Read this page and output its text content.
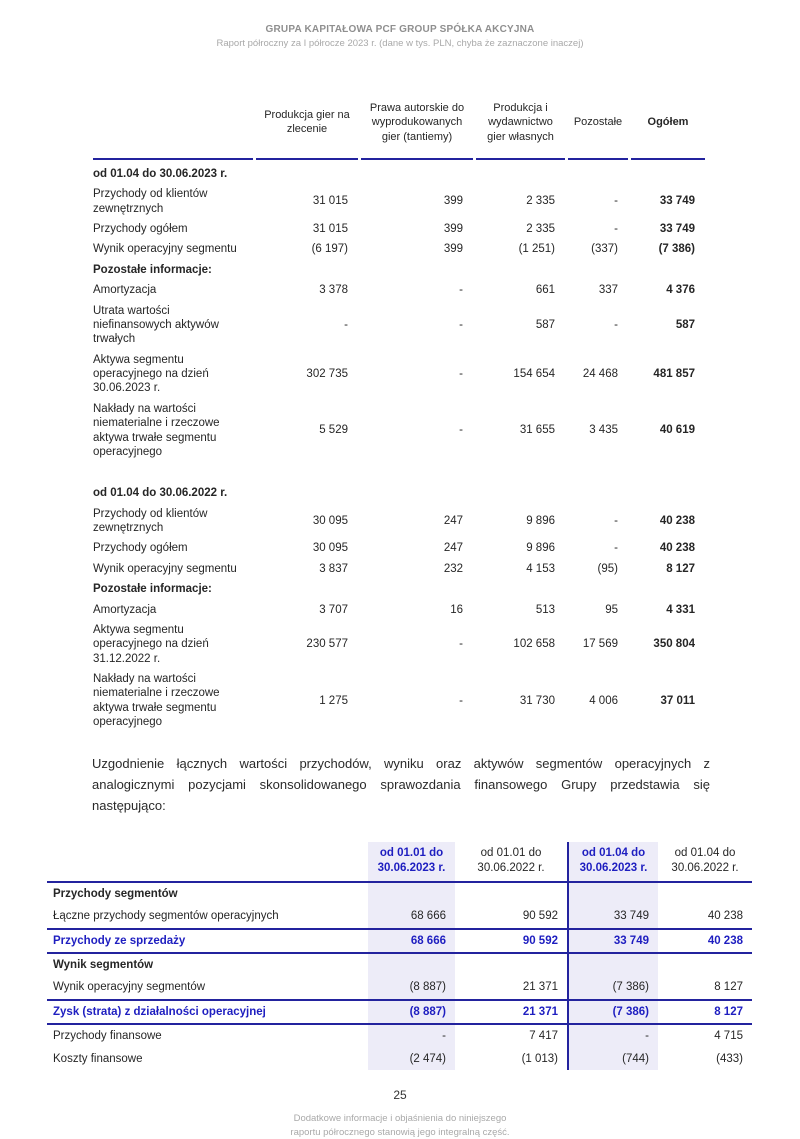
GRUPA KAPITAŁOWA PCF GROUP SPÓŁKA AKCYJNA
Raport półroczny za I półrocze 2023 r. (dane w tys. PLN, chyba że zaznaczone inaczej)
	Produkcja gier na zlecenie	Prawa autorskie do wyprodukowanych gier (tantiemy)	Produkcja i wydawnictwo gier własnych	Pozostałe	Ogółem
od 01.04 do 30.06.2023 r.					
Przychody od klientów zewnętrznych	31 015	399	2 335	-	33 749
Przychody ogółem	31 015	399	2 335	-	33 749
Wynik operacyjny segmentu	(6 197)	399	(1 251)	(337)	(7 386)
Pozostałe informacje:					
Amortyzacja	3 378	-	661	337	4 376
Utrata wartości niefinansowych aktywów trwałych	-	-	587	-	587
Aktywa segmentu operacyjnego na dzień 30.06.2023 r.	302 735	-	154 654	24 468	481 857
Nakłady na wartości niematerialne i rzeczowe aktywa trwałe segmentu operacyjnego	5 529	-	31 655	3 435	40 619
od 01.04 do 30.06.2022 r.					
Przychody od klientów zewnętrznych	30 095	247	9 896	-	40 238
Przychody ogółem	30 095	247	9 896	-	40 238
Wynik operacyjny segmentu	3 837	232	4 153	(95)	8 127
Pozostałe informacje:					
Amortyzacja	3 707	16	513	95	4 331
Aktywa segmentu operacyjnego na dzień 31.12.2022 r.	230 577	-	102 658	17 569	350 804
Nakłady na wartości niematerialne i rzeczowe aktywa trwałe segmentu operacyjnego	1 275	-	31 730	4 006	37 011

Uzgodnienie łącznych wartości przychodów, wyniku oraz aktywów segmentów operacyjnych z analogicznymi pozycjami skonsolidowanego sprawozdania finansowego Grupy przedstawia się następująco:

	od 01.01 do 30.06.2023 r.	od 01.01 do 30.06.2022 r.	od 01.04 do 30.06.2023 r.	od 01.04 do 30.06.2022 r.
Przychody segmentów				
Łączne przychody segmentów operacyjnych	68 666	90 592	33 749	40 238
Przychody ze sprzedaży	68 666	90 592	33 749	40 238
Wynik segmentów				
Wynik operacyjny segmentów	(8 887)	21 371	(7 386)	8 127
Zysk (strata) z działalności operacyjnej	(8 887)	21 371	(7 386)	8 127
Przychody finansowe	-	7 417	-	4 715
Koszty finansowe	(2 474)	(1 013)	(744)	(433)
25
Dodatkowe informacje i objaśnienia do niniejszego
raportu półrocznego stanowią jego integralną część.
